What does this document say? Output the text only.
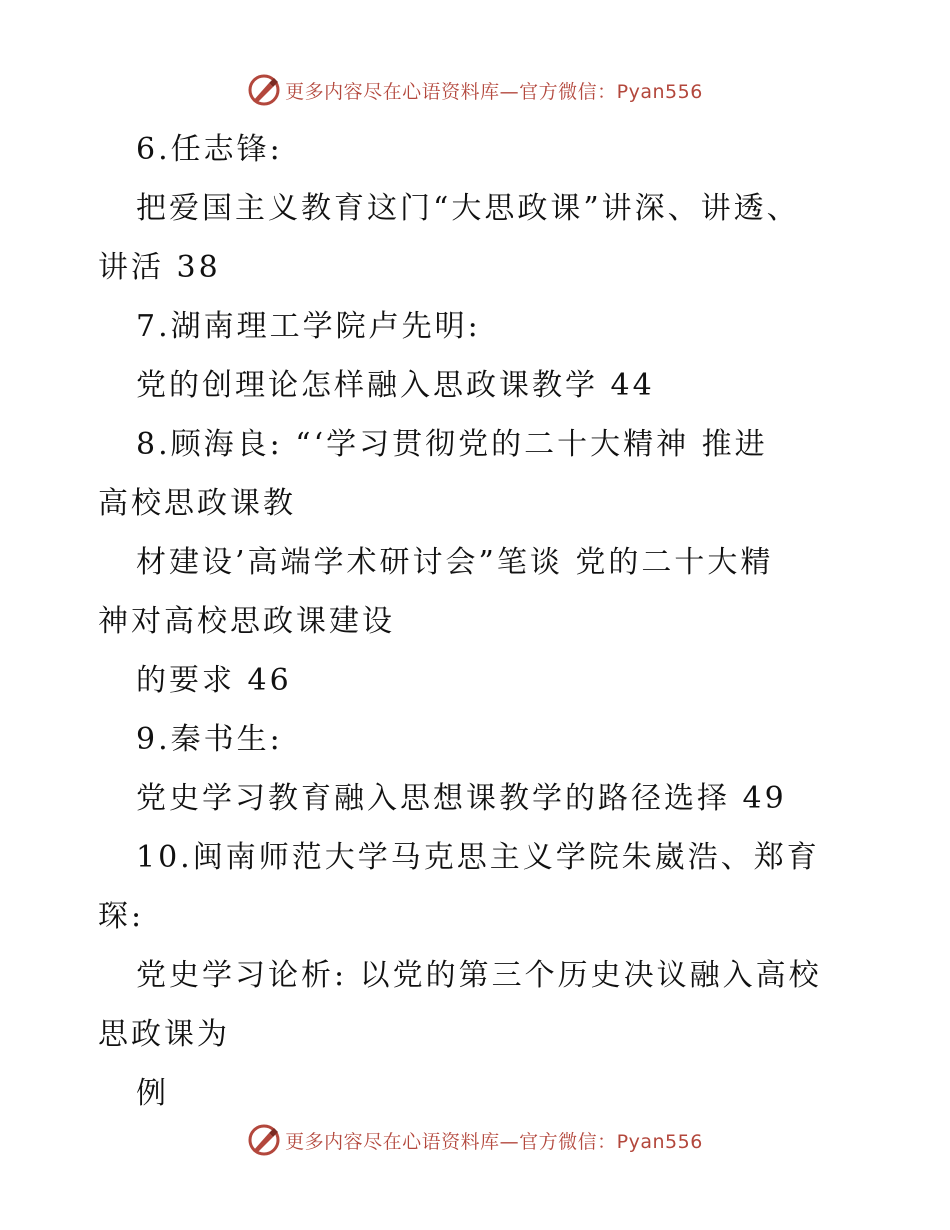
更多内容尽在心语资料库—官方微信：Pyan556
6.任志锋:
把爱国主义教育这门“大思政课”讲深、讲透、
讲活 38
7.湖南理工学院卢先明:
党的创理论怎样融入思政课教学 44
8.顾海良: “‘学习贯彻党的二十大精神 推进
高校思政课教
材建设’高端学术研讨会”笔谈 党的二十大精
神对高校思政课建设
的要求 46
9.秦书生:
党史学习教育融入思想课教学的路径选择 49
10.闽南师范大学马克思主义学院朱崴浩、郑育
琛:
党史学习论析: 以党的第三个历史决议融入高校
思政课为
例
更多内容尽在心语资料库—官方微信：Pyan556
